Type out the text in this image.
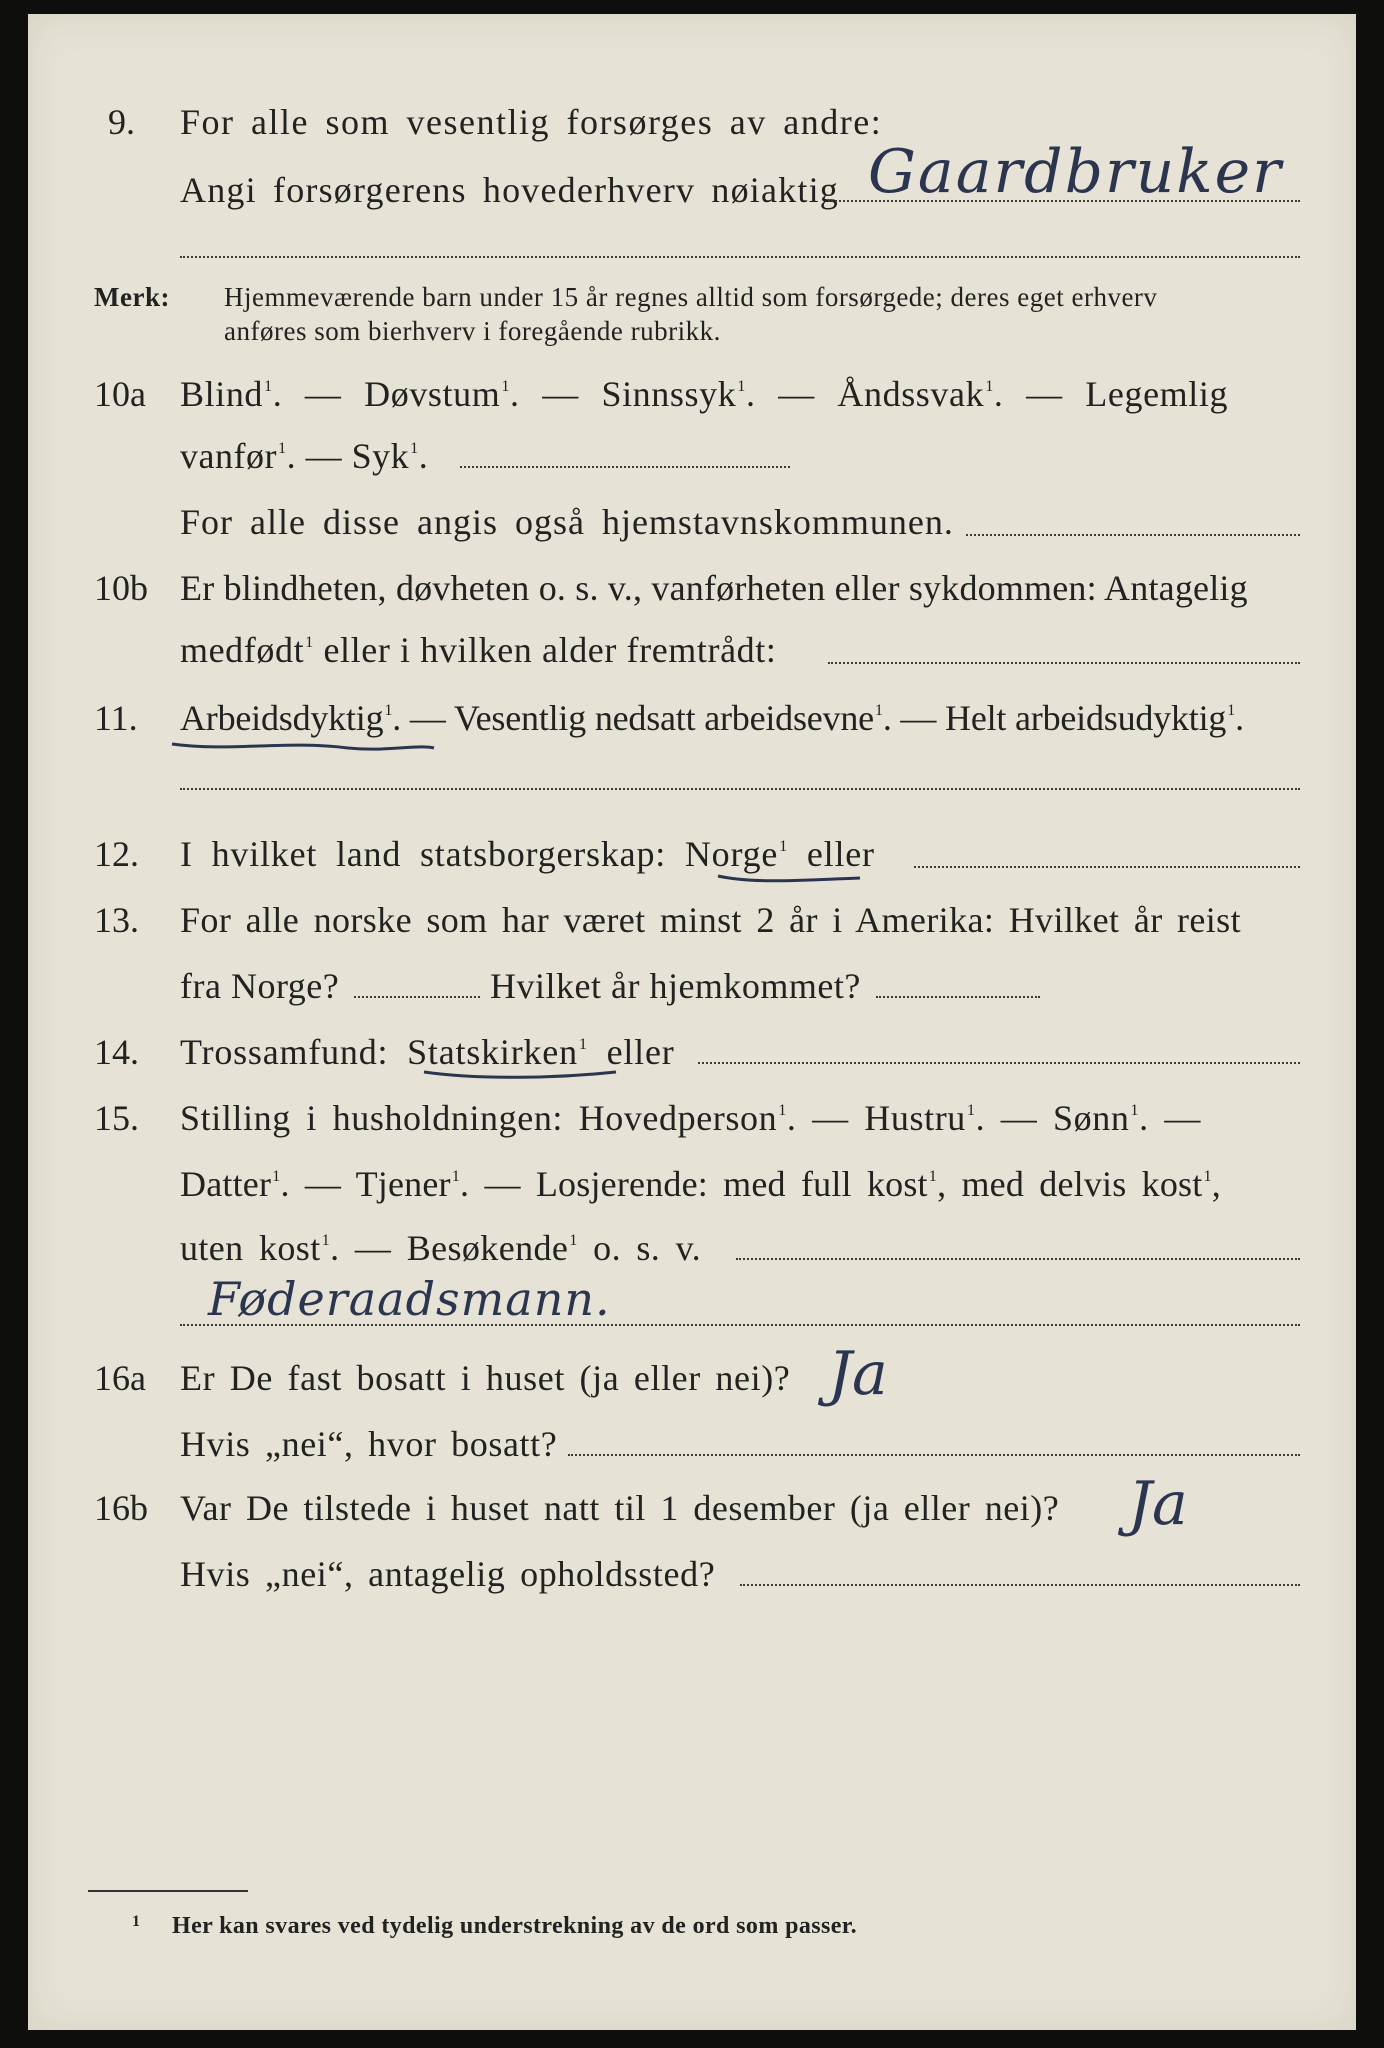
9. For alle som vesentlig forsørges av andre:
Angi forsørgerens hovederhverv nøiaktig Gaardbruker
Merk: Hjemmeværende barn under 15 år regnes alltid som forsørgede; deres eget erhverv
anføres som bierhverv i foregående rubrikk.
10a Blind$^1$. — Døvstum$^1$. — Sinnssyk$^1$. — Åndssvak$^1$. — Legemlig
vanfør$^1$. — Syk$^1$.
For alle disse angis også hjemstavnskommunen.
10b Er blindheten, døvheten o. s. v., vanførheten eller sykdommen: Antagelig
medfødt$^1$ eller i hvilken alder fremtrådt:
11. Arbeidsdyktig$^1$. — Vesentlig nedsatt arbeidsevne$^1$. — Helt arbeidsudyktig$^1$.
12. I hvilket land statsborgerskap: Norge$^1$ eller
13. For alle norske som har været minst 2 år i Amerika: Hvilket år reist
fra Norge?	Hvilket år hjemkommet?
14. Trossamfund: Statskirken$^1$ eller
15. Stilling i husholdningen: Hovedperson$^1$. — Hustru$^1$. — Sønn$^1$. —
Datter$^1$. — Tjener$^1$. — Losjerende: med full kost$^1$, med delvis kost$^1$,
uten kost$^1$. — Besøkende$^1$ o. s. v.
Føderaadsmann.
16a Er De fast bosatt i huset (ja eller nei)? Ja
Hvis „nei“, hvor bosatt?
16b Var De tilstede i huset natt til 1 desember (ja eller nei)? Ja
Hvis „nei“, antagelig opholdssted?
1 Her kan svares ved tydelig understrekning av de ord som passer.
